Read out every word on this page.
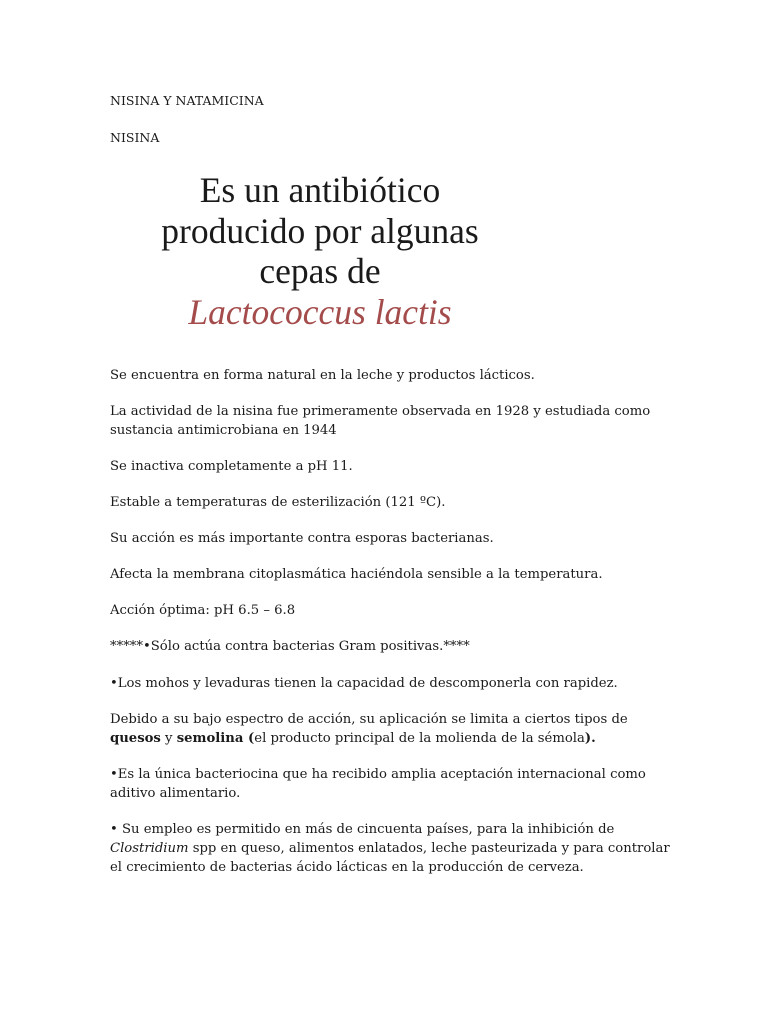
NISINA Y NATAMICINA

NISINA

Es un antibiótico
producido por algunas
cepas de
Lactococcus lactis

Se encuentra en forma natural en la leche y productos lácticos.

La actividad de la nisina fue primeramente observada en 1928 y estudiada como

sustancia antimicrobiana en 1944

Se inactiva completamente a pH 11.

Estable a temperaturas de esterilización (121 ºC).

Su acción es más importante contra esporas bacterianas.

Afecta la membrana citoplasmática haciéndola sensible a la temperatura.

Acción óptima: pH 6.5 – 6.8

*****•Sólo actúa contra bacterias Gram positivas.****

•Los mohos y levaduras tienen la capacidad de descomponerla con rapidez.

Debido a su bajo espectro de acción, su aplicación se limita a ciertos tipos de

quesos y semolina (el producto principal de la molienda de la sémola).

•Es la única bacteriocina que ha recibido amplia aceptación internacional como

aditivo alimentario.

• Su empleo es permitido en más de cincuenta países, para la inhibición de

Clostridium spp en queso, alimentos enlatados, leche pasteurizada y para controlar

el crecimiento de bacterias ácido lácticas en la producción de cerveza.
